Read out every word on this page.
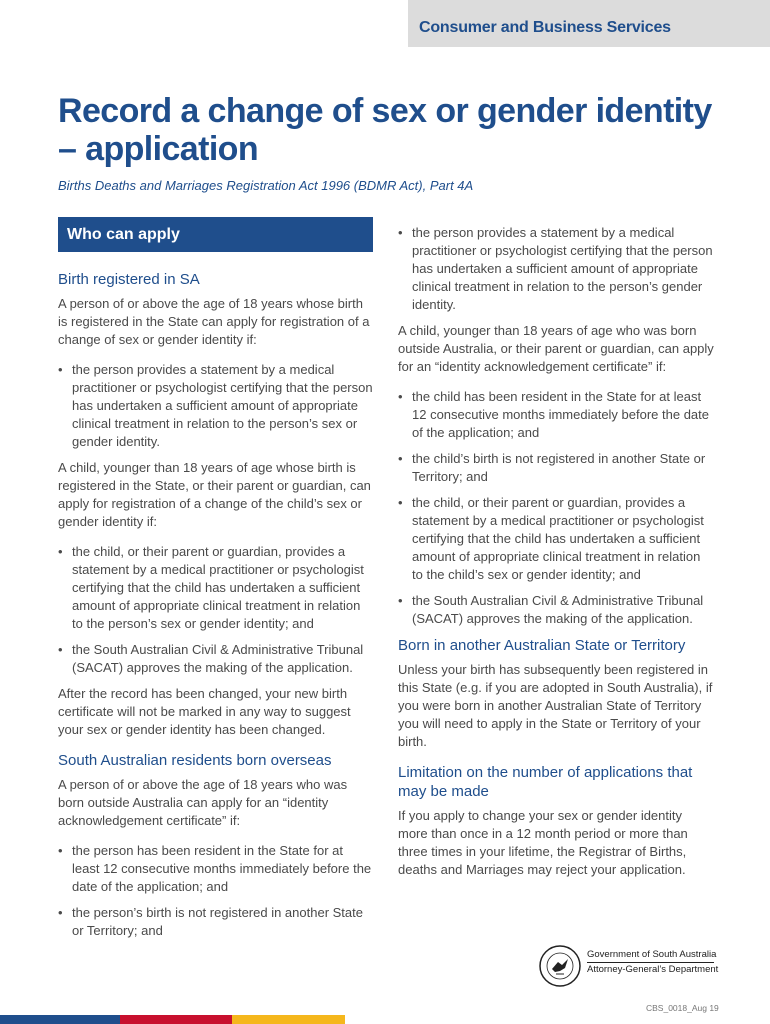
Consumer and Business Services
Record a change of sex or gender identity – application

Births Deaths and Marriages Registration Act 1996 (BDMR Act), Part 4A

Who can apply
Birth registered in SA

A person of or above the age of 18 years whose birth is registered in the State can apply for registration of a change of sex or gender identity if:

• the person provides a statement by a medical practitioner or psychologist certifying that the person has undertaken a sufficient amount of appropriate clinical treatment in relation to the person’s sex or gender identity.

A child, younger than 18 years of age whose birth is registered in the State, or their parent or guardian, can apply for registration of a change of the child’s sex or gender identity if:

• the child, or their parent or guardian, provides a statement by a medical practitioner or psychologist certifying that the child has undertaken a sufficient amount of appropriate clinical treatment in relation to the person’s sex or gender identity; and
• the South Australian Civil & Administrative Tribunal (SACAT) approves the making of the application.

After the record has been changed, your new birth certificate will not be marked in any way to suggest your sex or gender identity has been changed.

South Australian residents born overseas

A person of or above the age of 18 years who was born outside Australia can apply for an “identity acknowledgement certificate” if:

• the person has been resident in the State for at least 12 consecutive months immediately before the date of the application; and
• the person’s birth is not registered in another State or Territory; and
• the person provides a statement by a medical practitioner or psychologist certifying that the person has undertaken a sufficient amount of appropriate clinical treatment in relation to the person’s gender identity.

A child, younger than 18 years of age who was born outside Australia, or their parent or guardian, can apply for an “identity acknowledgement certificate” if:

• the child has been resident in the State for at least 12 consecutive months immediately before the date of the application; and
• the child’s birth is not registered in another State or Territory; and
• the child, or their parent or guardian, provides a statement by a medical practitioner or psychologist certifying that the child has undertaken a sufficient amount of appropriate clinical treatment in relation to the child’s sex or gender identity; and
• the South Australian Civil & Administrative Tribunal (SACAT) approves the making of the application.
Born in another Australian State or Territory

Unless your birth has subsequently been registered in this State (e.g. if you are adopted in South Australia), if you were born in another Australian State of Territory you will need to apply in the State or Territory of your birth.

Limitation on the number of applications that may be made

If you apply to change your sex or gender identity more than once in a 12 month period or more than three times in your lifetime, the Registrar of Births, deaths and Marriages may reject your application.

Government of South Australia
Attorney-General’s Department
CBS_0018_Aug 19
